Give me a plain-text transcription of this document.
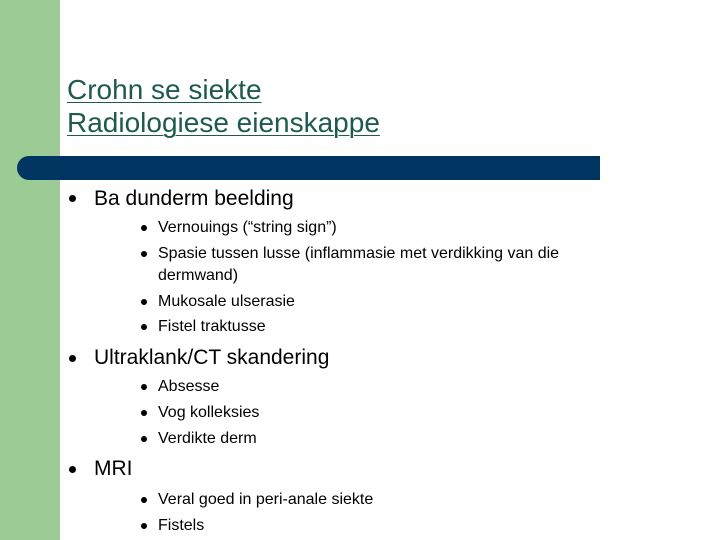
Crohn se siekte
Radiologiese eienskappe
Ba dunderm beelding
Vernouings (“string sign”)
Spasie tussen lusse (inflammasie met verdikking van die
dermwand)
Mukosale ulserasie
Fistel traktusse
Ultraklank/CT skandering
Absesse
Vog kolleksies
Verdikte derm
MRI
Veral goed in peri-anale siekte
Fistels
